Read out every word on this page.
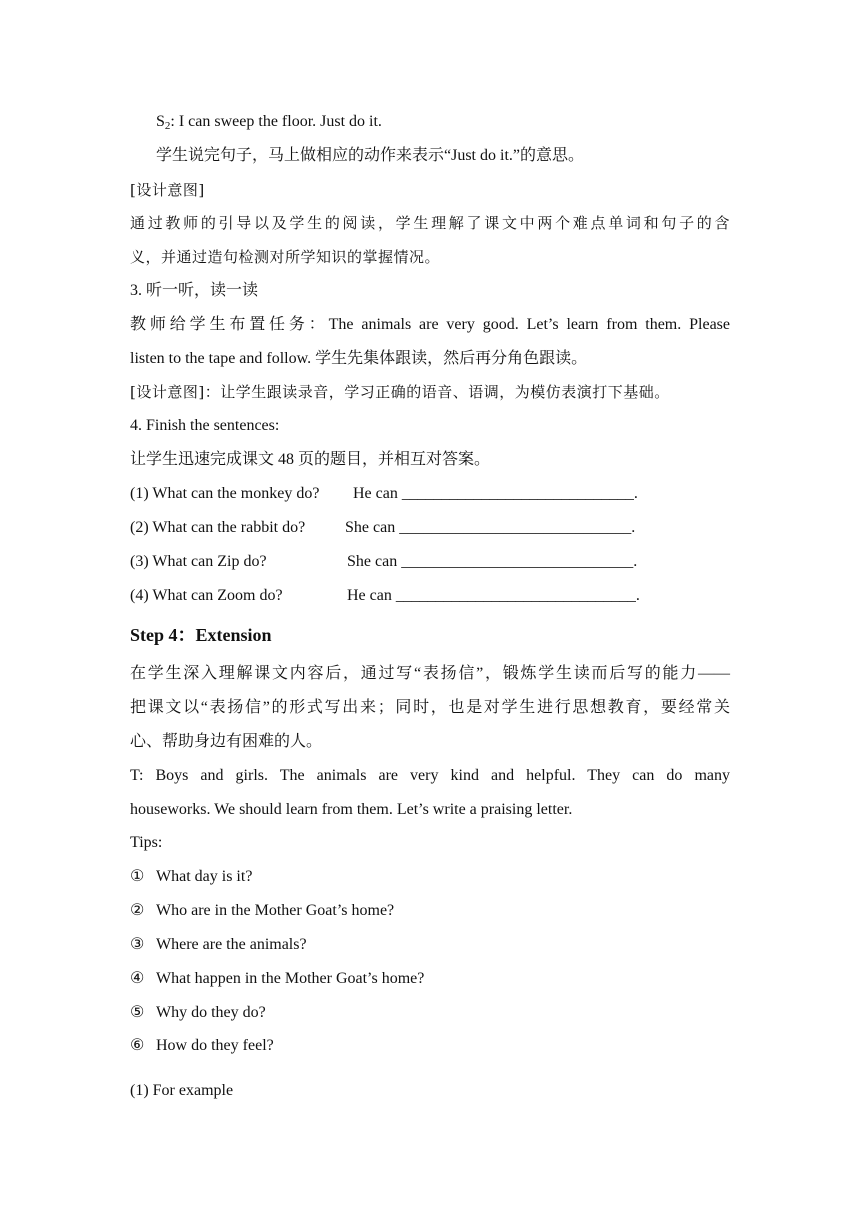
$S_2$: I can sweep the floor. Just do it.
学生说完句子，马上做相应的动作来表示“Just do it.”的意思。
[设计意图]
通过教师的引导以及学生的阅读，学生理解了课文中两个难点单词和句子的含
义，并通过造句检测对所学知识的掌握情况。
3. 听一听，读一读
教师给学生布置任务：The animals are very good. Let’s learn from them. Please
listen to the tape and follow. 学生先集体跟读，然后再分角色跟读。
[设计意图]：让学生跟读录音，学习正确的语音、语调，为模仿表演打下基础。
4. Finish the sentences:
让学生迅速完成课文 48 页的题目，并相互对答案。
(1) What can the monkey do? He can _____________________________.
(2) What can the rabbit do? She can _____________________________.
(3) What can Zip do?	She can _____________________________.
(4) What can Zoom do?	He can ______________________________.
Step 4：Extension
在学生深入理解课文内容后，通过写“表扬信”，锻炼学生读而后写的能力——
把课文以“表扬信”的形式写出来；同时，也是对学生进行思想教育，要经常关
心、帮助身边有困难的人。
T: Boys and girls. The animals are very kind and helpful. They can do many
houseworks. We should learn from them. Let’s write a praising letter.
Tips:
① What day is it?
② Who are in the Mother Goat’s home?
③ Where are the animals?
④ What happen in the Mother Goat’s home?
⑤ Why do they do?
⑥ How do they feel?
(1) For example
